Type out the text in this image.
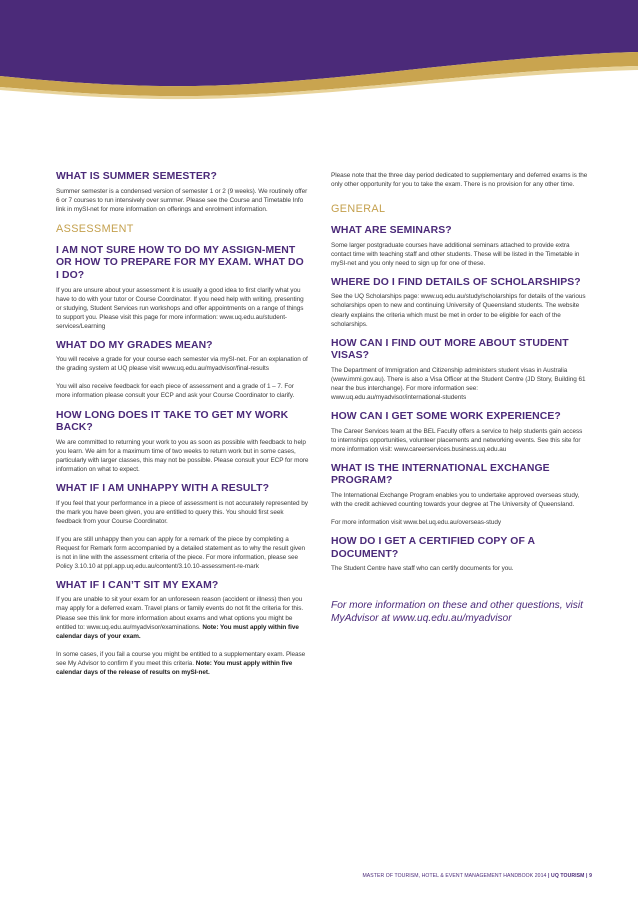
WHAT IS SUMMER SEMESTER?

Summer semester is a condensed version of semester 1 or 2 (9 weeks). We routinely offer 6 or 7 courses to run intensively over summer. Please see the Course and Timetable Info link in mySI-net for more information on offerings and enrolment information.

ASSESSMENT
I AM NOT SURE HOW TO DO MY ASSIGN-MENT OR HOW TO PREPARE FOR MY EXAM. WHAT DO I DO?

If you are unsure about your assessment it is usually a good idea to first clarify what you have to do with your tutor or Course Coordinator. If you need help with writing, presenting or studying, Student Services run workshops and offer appointments on a range of things to support you. Please visit this page for more information: www.uq.edu.au/student-services/Learning

WHAT DO MY GRADES MEAN?

You will receive a grade for your course each semester via mySI-net. For an explanation of the grading system at UQ please visit www.uq.edu.au/myadvisor/final-results

You will also receive feedback for each piece of assessment and a grade of 1 – 7. For more information please consult your ECP and ask your Course Coordinator to clarify.

HOW LONG DOES IT TAKE TO GET MY WORK BACK?

We are committed to returning your work to you as soon as possible with feedback to help you learn. We aim for a maximum time of two weeks to return work but in some cases, particularly with larger classes, this may not be possible. Please consult your ECP for more information on what to expect.

WHAT IF I AM UNHAPPY WITH A RESULT?

If you feel that your performance in a piece of assessment is not accurately represented by the mark you have been given, you are entitled to query this. You should first seek feedback from your Course Coordinator.

If you are still unhappy then you can apply for a remark of the piece by completing a Request for Remark form accompanied by a detailed statement as to why the result given is not in line with the assessment criteria of the piece. For more information, please see Policy 3.10.10 at ppl.app.uq.edu.au/content/3.10.10-assessment-re-mark

WHAT IF I CAN’T SIT MY EXAM?

If you are unable to sit your exam for an unforeseen reason (accident or illness) then you may apply for a deferred exam. Travel plans or family events do not fit the criteria for this. Please see this link for more information about exams and what options you might be entitled to: www.uq.edu.au/myadvisor/examinations. Note: You must apply within five calendar days of your exam.

In some cases, if you fail a course you might be entitled to a supplementary exam. Please see My Advisor to confirm if you meet this criteria. Note: You must apply within five calendar days of the release of results on mySI-net.

Please note that the three day period dedicated to supplementary and deferred exams is the only other opportunity for you to take the exam. There is no provision for any other time.

GENERAL
WHAT ARE SEMINARS?

Some larger postgraduate courses have additional seminars attached to provide extra contact time with teaching staff and other students. These will be listed in the Timetable in mySI-net and you only need to sign up for one of these.

WHERE DO I FIND DETAILS OF SCHOLARSHIPS?

See the UQ Scholarships page: www.uq.edu.au/study/scholarships for details of the various scholarships open to new and continuing University of Queensland students. The website clearly explains the criteria which must be met in order to be eligible for each of the scholarships.

HOW CAN I FIND OUT MORE ABOUT STUDENT VISAS?

The Department of Immigration and Citizenship administers student visas in Australia (www.immi.gov.au). There is also a Visa Officer at the Student Centre (JD Story, Building 61 near the bus interchange). For more information see: www.uq.edu.au/myadvisor/international-students

HOW CAN I GET SOME WORK EXPERIENCE?

The Career Services team at the BEL Faculty offers a service to help students gain access to internships opportunities, volunteer placements and networking events. See this site for more information visit: www.careerservices.business.uq.edu.au

WHAT IS THE INTERNATIONAL EXCHANGE PROGRAM?

The International Exchange Program enables you to undertake approved overseas study, with the credit achieved counting towards your degree at The University of Queensland.

For more information visit www.bel.uq.edu.au/overseas-study

HOW DO I GET A CERTIFIED COPY OF A DOCUMENT?

The Student Centre have staff who can certify documents for you.

For more information on these and other questions, visit MyAdvisor at www.uq.edu.au/myadvisor

MASTER OF TOURISM, HOTEL & EVENT MANAGEMENT HANDBOOK 2014 | UQ TOURISM | 9
